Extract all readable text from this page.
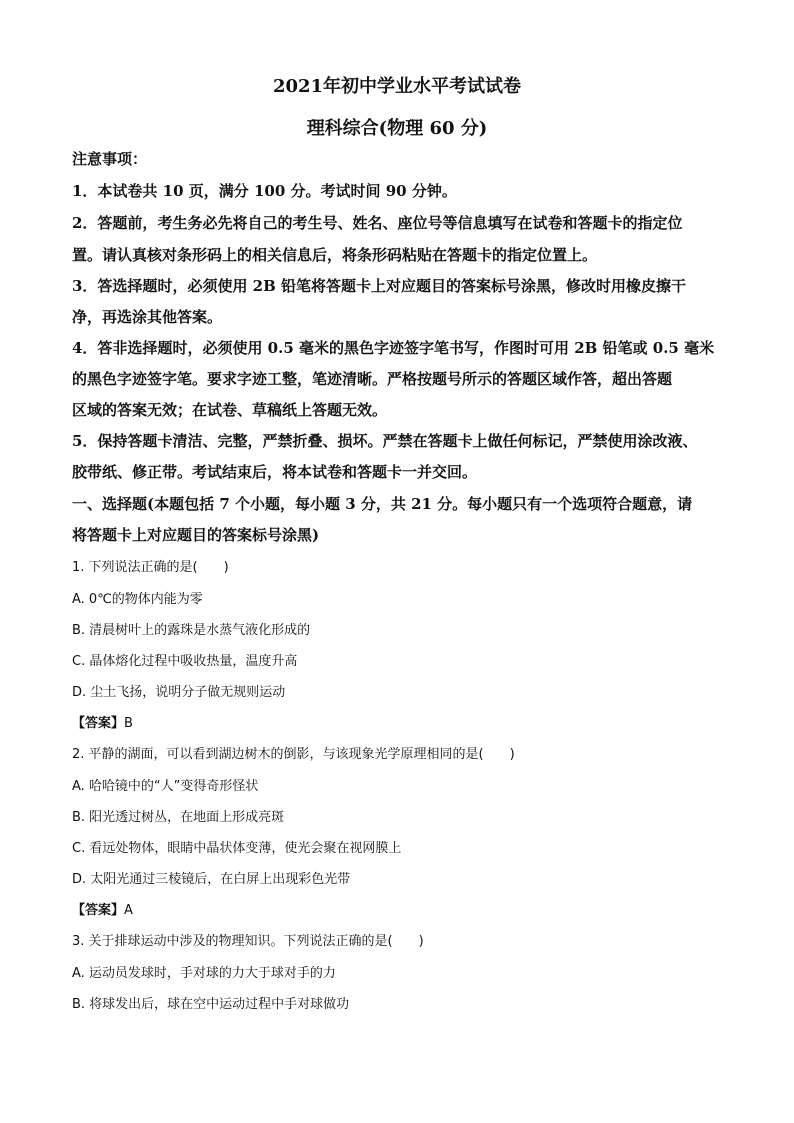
2021年初中学业水平考试试卷
理科综合(物理 60 分)
注意事项：
1．本试卷共 10 页，满分 100 分。考试时间 90 分钟。
2．答题前，考生务必先将自己的考生号、姓名、座位号等信息填写在试卷和答题卡的指定位
置。请认真核对条形码上的相关信息后，将条形码粘贴在答题卡的指定位置上。
3．答选择题时，必须使用 2B 铅笔将答题卡上对应题目的答案标号涂黑，修改时用橡皮擦干
净，再选涂其他答案。
4．答非选择题时，必须使用 0.5 毫米的黑色字迹签字笔书写，作图时可用 2B 铅笔或 0.5 毫米
的黑色字迹签字笔。要求字迹工整，笔迹清晰。严格按题号所示的答题区域作答，超出答题
区域的答案无效；在试卷、草稿纸上答题无效。
5．保持答题卡清洁、完整，严禁折叠、损坏。严禁在答题卡上做任何标记，严禁使用涂改液、
胶带纸、修正带。考试结束后，将本试卷和答题卡一并交回。
一、选择题(本题包括 7 个小题，每小题 3 分，共 21 分。每小题只有一个选项符合题意，请
将答题卡上对应题目的答案标号涂黑)
1. 下列说法正确的是(　　)
A. 0℃的物体内能为零
B. 清晨树叶上的露珠是水蒸气液化形成的
C. 晶体熔化过程中吸收热量，温度升高
D. 尘土飞扬，说明分子做无规则运动
【答案】B
2. 平静的湖面，可以看到湖边树木的倒影，与该现象光学原理相同的是(　　)
A. 哈哈镜中的“人”变得奇形怪状
B. 阳光透过树丛，在地面上形成亮斑
C. 看远处物体，眼睛中晶状体变薄，使光会聚在视网膜上
D. 太阳光通过三棱镜后，在白屏上出现彩色光带
【答案】A
3. 关于排球运动中涉及的物理知识。下列说法正确的是(　　)
A. 运动员发球时，手对球的力大于球对手的力
B. 将球发出后，球在空中运动过程中手对球做功
